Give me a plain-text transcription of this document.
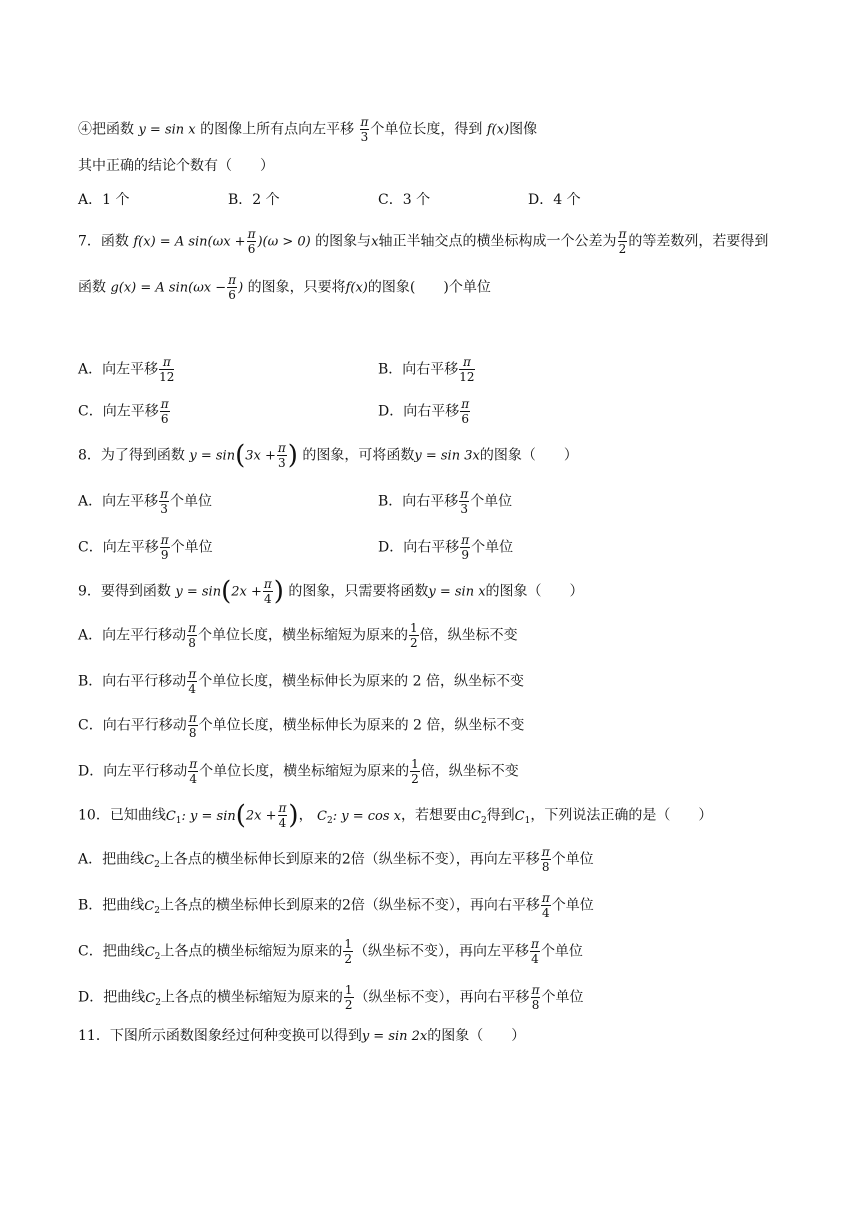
④把函数 y = sin x 的图像上所有点向左平移 $\frac{\pi}{3}$ 个单位长度，得到 f(x)图像
其中正确的结论个数有（　　）
A．1 个	B．2 个	C．3 个	D．4 个
7．函数 f(x) = A $\sin(\omega x + \frac{\pi}{6} )(\omega > 0)$ 的图象与x轴正半轴交点的横坐标构成一个公差为 $\frac{\pi}{2}$ 的等差数列，若要得到
函数 g(x) = A $\sin(\omega x - \frac{\pi}{6}$ ) 的图象，只要将f(x)的图象(　　)个单位
A．向左平移 $\frac{\pi}{12}$	B．向右平移 $\frac{\pi}{12}$
C．向左平移 $\frac{\pi}{6}$	D．向右平移 $\frac{\pi}{6}$
8．为了得到函数 $y = \sin(3x + \frac{\pi}{3}$ ) 的图象，可将函数y = sin 3x的图象（　　）
A．向左平移 $\frac{\pi}{3}$ 个单位	B．向右平移 $\frac{\pi}{3}$ 个单位
C．向左平移 $\frac{\pi}{9}$ 个单位	D．向右平移 $\frac{\pi}{9}$ 个单位
9．要得到函数 $y = \sin(2x + \frac{\pi}{4}$ ) 的图象，只需要将函数y = sin x的图象（　　）
A．向左平行移动 $\frac{\pi}{8}$ 个单位长度，横坐标缩短为原来的 $\frac{1}{2}$ 倍，纵坐标不变
B．向右平行移动 $\frac{\pi}{4}$ 个单位长度，横坐标伸长为原来的 2 倍，纵坐标不变
C．向右平行移动 $\frac{\pi}{8}$ 个单位长度，横坐标伸长为原来的 2 倍，纵坐标不变
D．向左平行移动 $\frac{\pi}{4}$ 个单位长度，横坐标缩短为原来的 $\frac{1}{2}$ 倍，纵坐标不变
10．已知曲线$C_1$: $y = \sin(2x + \frac{\pi}{4}$ )， $C_2$: y = cos x，若想要由$C_2$得到$C_1$，下列说法正确的是（　　）
A．把曲线$C_2$上各点的横坐标伸长到原来的2倍（纵坐标不变），再向左平移 $\frac{\pi}{8}$ 个单位
B．把曲线$C_2$上各点的横坐标伸长到原来的2倍（纵坐标不变），再向右平移 $\frac{\pi}{4}$ 个单位
C．把曲线$C_2$上各点的横坐标缩短为原来的 $\frac{1}{2}$ （纵坐标不变），再向左平移 $\frac{\pi}{4}$ 个单位
D．把曲线$C_2$上各点的横坐标缩短为原来的 $\frac{1}{2}$ （纵坐标不变），再向右平移 $\frac{\pi}{8}$ 个单位
11．下图所示函数图象经过何种变换可以得到y = sin 2x的图象（　　）
